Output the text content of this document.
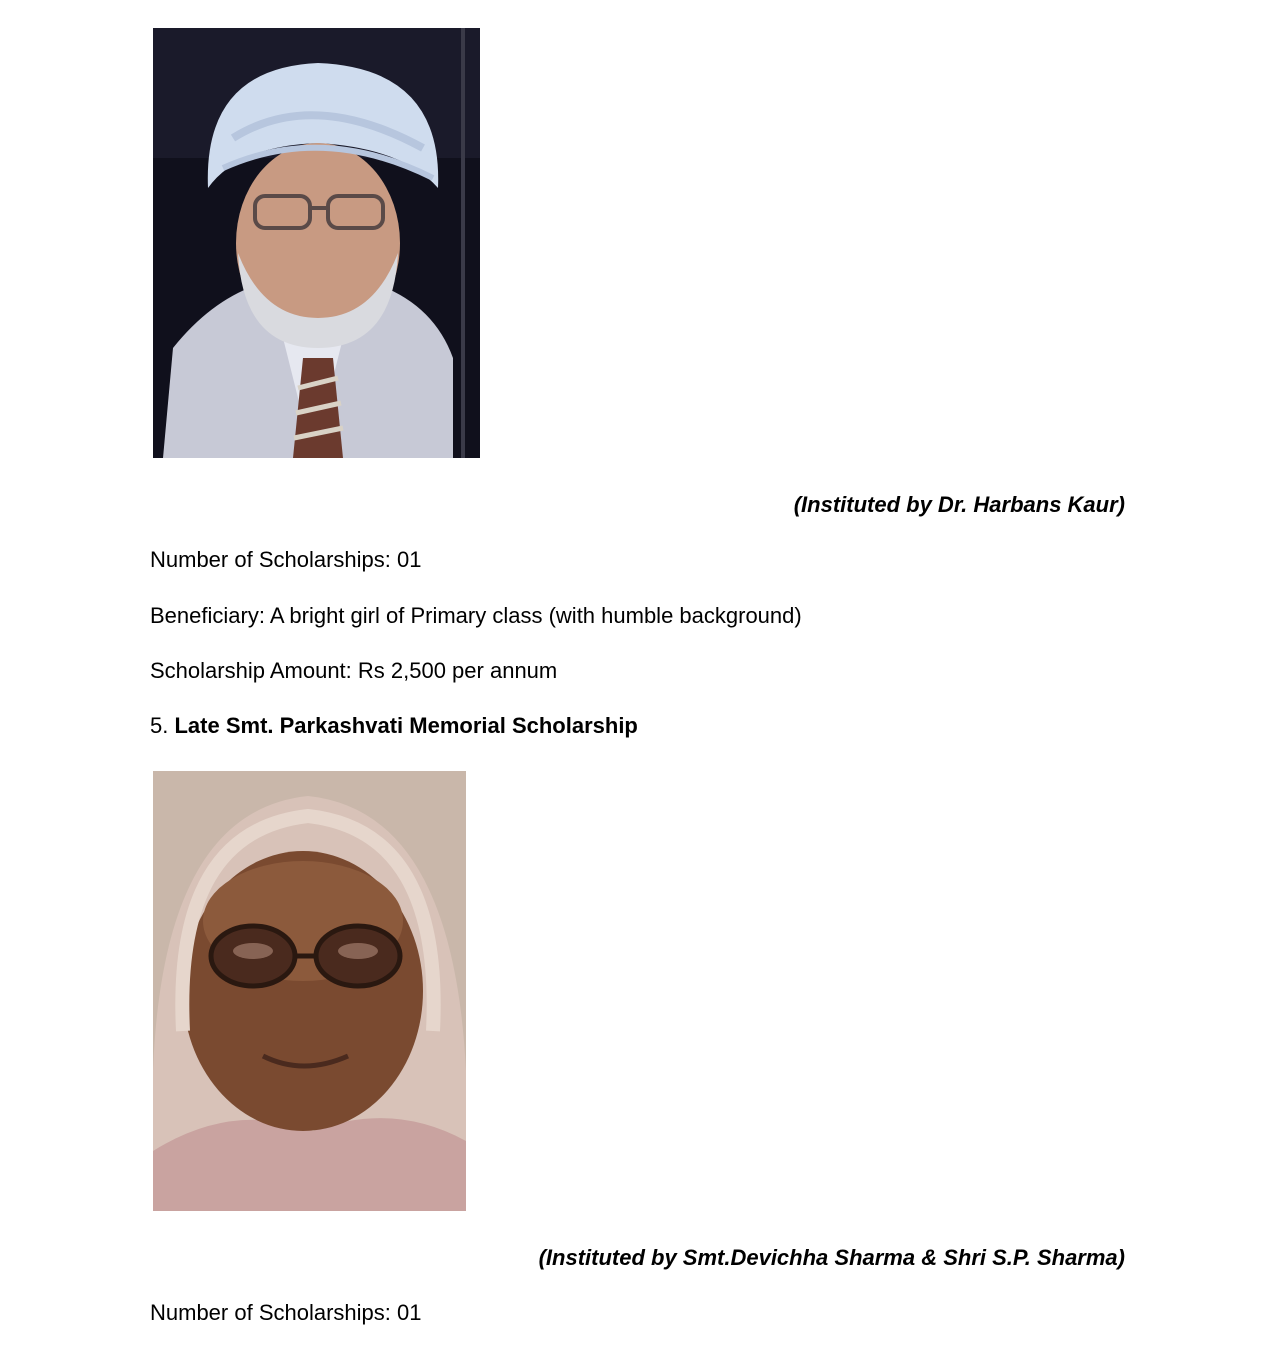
(Instituted by Dr. Harbans Kaur)
Number of Scholarships: 01
Beneficiary: A bright girl of Primary class (with humble background)
Scholarship Amount: Rs 2,500 per annum
5. Late Smt. Parkashvati Memorial Scholarship
(Instituted by Smt.Devichha Sharma & Shri S.P. Sharma)
Number of Scholarships: 01
